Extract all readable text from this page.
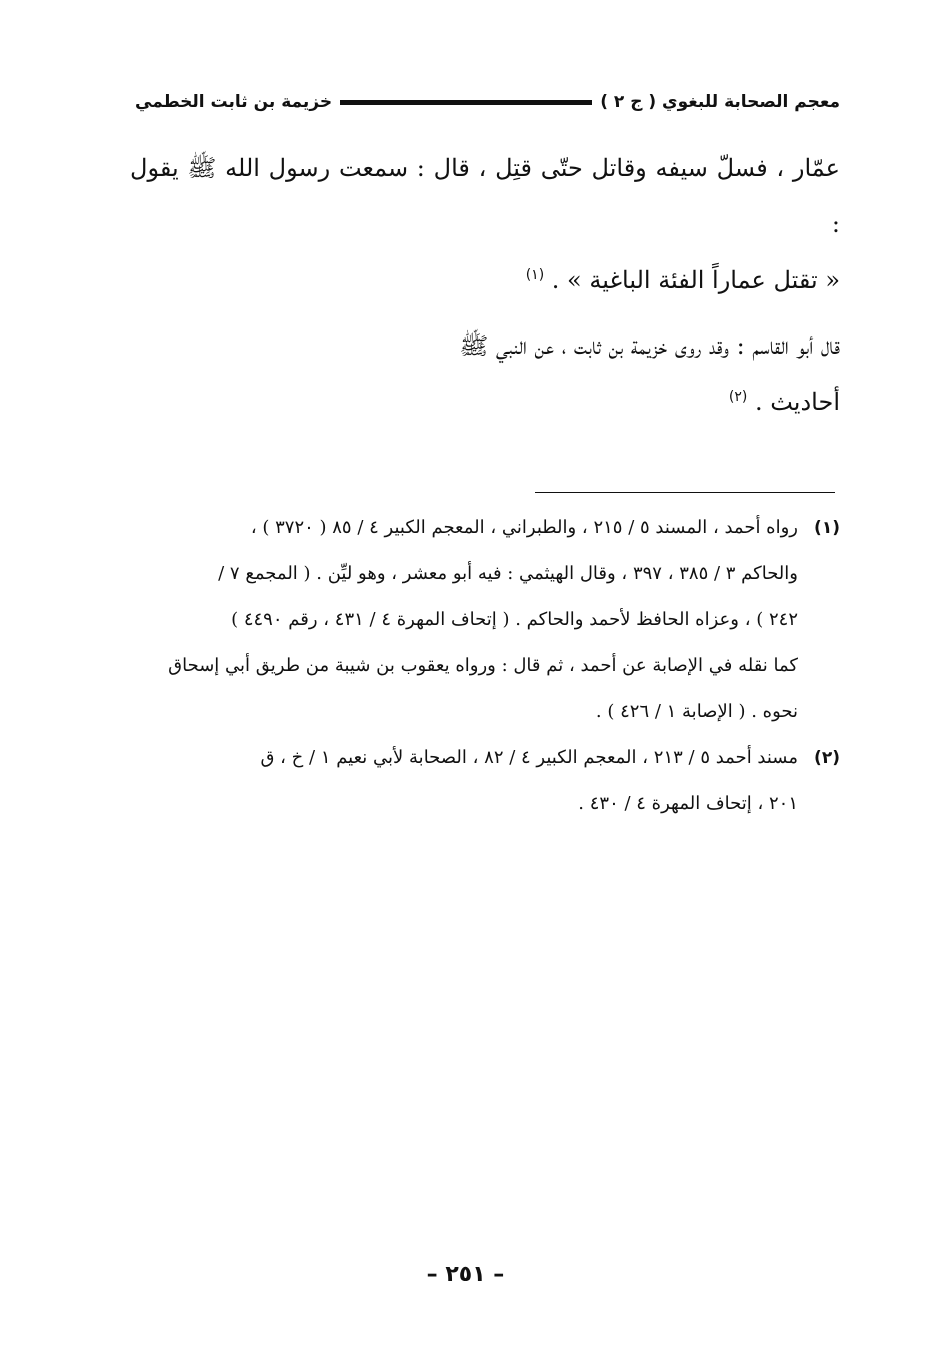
معجم الصحابة للبغوي ( ج ٢ )
خزيمة بن ثابت الخطمي

عمّار ، فسلّ سيفه وقاتل حتّى قتِل ، قال : سمعت رسول الله ﷺ يقول :
« تقتل عماراً الفئة الباغية » . $^{(١)}$

قال أبو القاسم : وقد روى خزيمة بن ثابت ، عن النبي ﷺ
أحاديث . $^{(٢)}$

(١)
رواه أحمد ، المسند ٥ / ٢١٥ ، والطبراني ، المعجم الكبير ٤ / ٨٥ ( ٣٧٢٠ ) ،
والحاكم ٣ / ٣٨٥ ، ٣٩٧ ، وقال الهيثمي : فيه أبو معشر ، وهو ليِّن . ( المجمع ٧ /
٢٤٢ ) ، وعزاه الحافظ لأحمد والحاكم . ( إتحاف المهرة ٤ / ٤٣١ ، رقم ٤٤٩٠ )
كما نقله في الإصابة عن أحمد ، ثم قال : ورواه يعقوب بن شيبة من طريق أبي إسحاق
نحوه . ( الإصابة ١ / ٤٢٦ ) .
(٢)
مسند أحمد ٥ / ٢١٣ ، المعجم الكبير ٤ / ٨٢ ، الصحابة لأبي نعيم ١ / خ ، ق
٢٠١ ، إتحاف المهرة ٤ / ٤٣٠ .
– ٢٥١ –
